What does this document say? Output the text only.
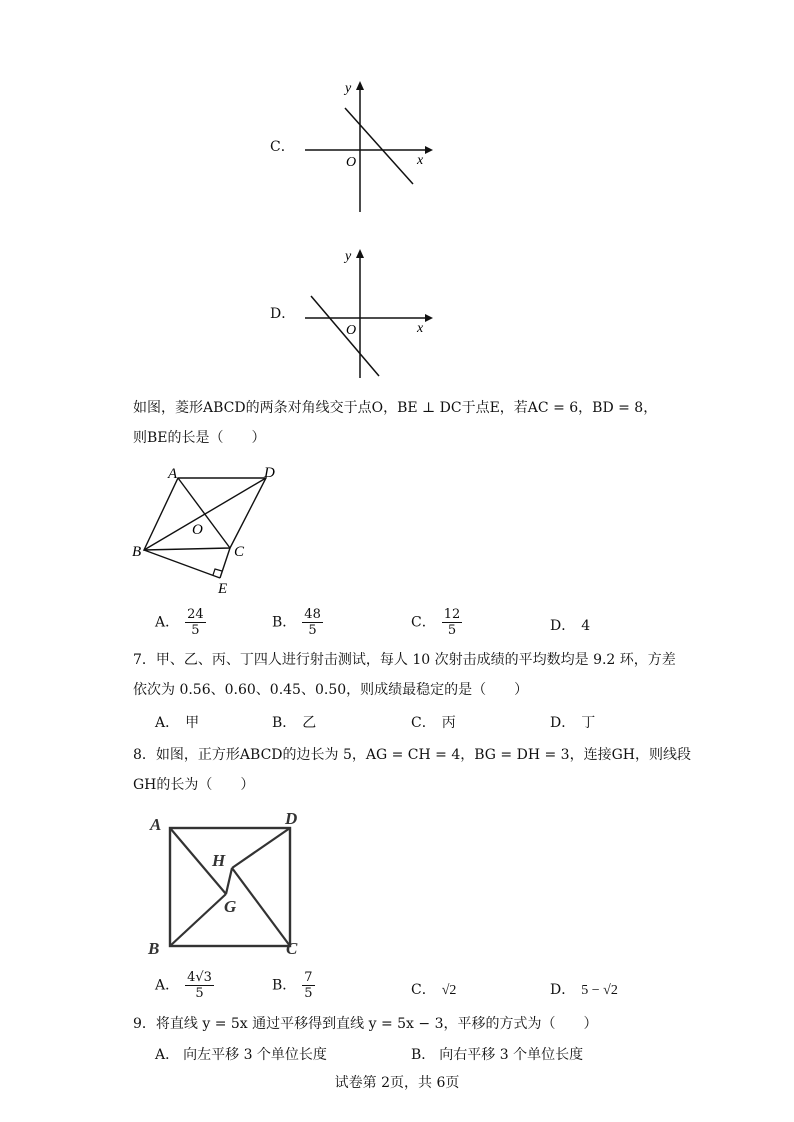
C．
x
y
O
D．
x
y
O
如图，菱形ABCD的两条对角线交于点O，BE ⊥ DC于点E，若AC = 6，BD = 8，
则BE的长是（　　）
A	D
C
B
O
E
A． $\frac{24}{5}$	B． $\frac{48}{5}$	C． $\frac{12}{5}$	D． 4
7．甲、乙、丙、丁四人进行射击测试，每人 10 次射击成绩的平均数均是 9.2 环，方差
依次为 0.56、0.60、0.45、0.50，则成绩最稳定的是（　　）
A． 甲	B． 乙	C． 丙	D． 丁
8．如图，正方形ABCD的边长为 5，AG = CH = 4，BG = DH = 3，连接GH，则线段
GH的长为（　　）
A	D
C
B
H
G
A． $\frac{4√3}{5}$	B． $\frac{7}{5}$	C． √2	D． 5 − √2
9．将直线 y = 5x 通过平移得到直线 y = 5x − 3，平移的方式为（　　）
A． 向左平移 3 个单位长度	B． 向右平移 3 个单位长度
试卷第 2页，共 6页
